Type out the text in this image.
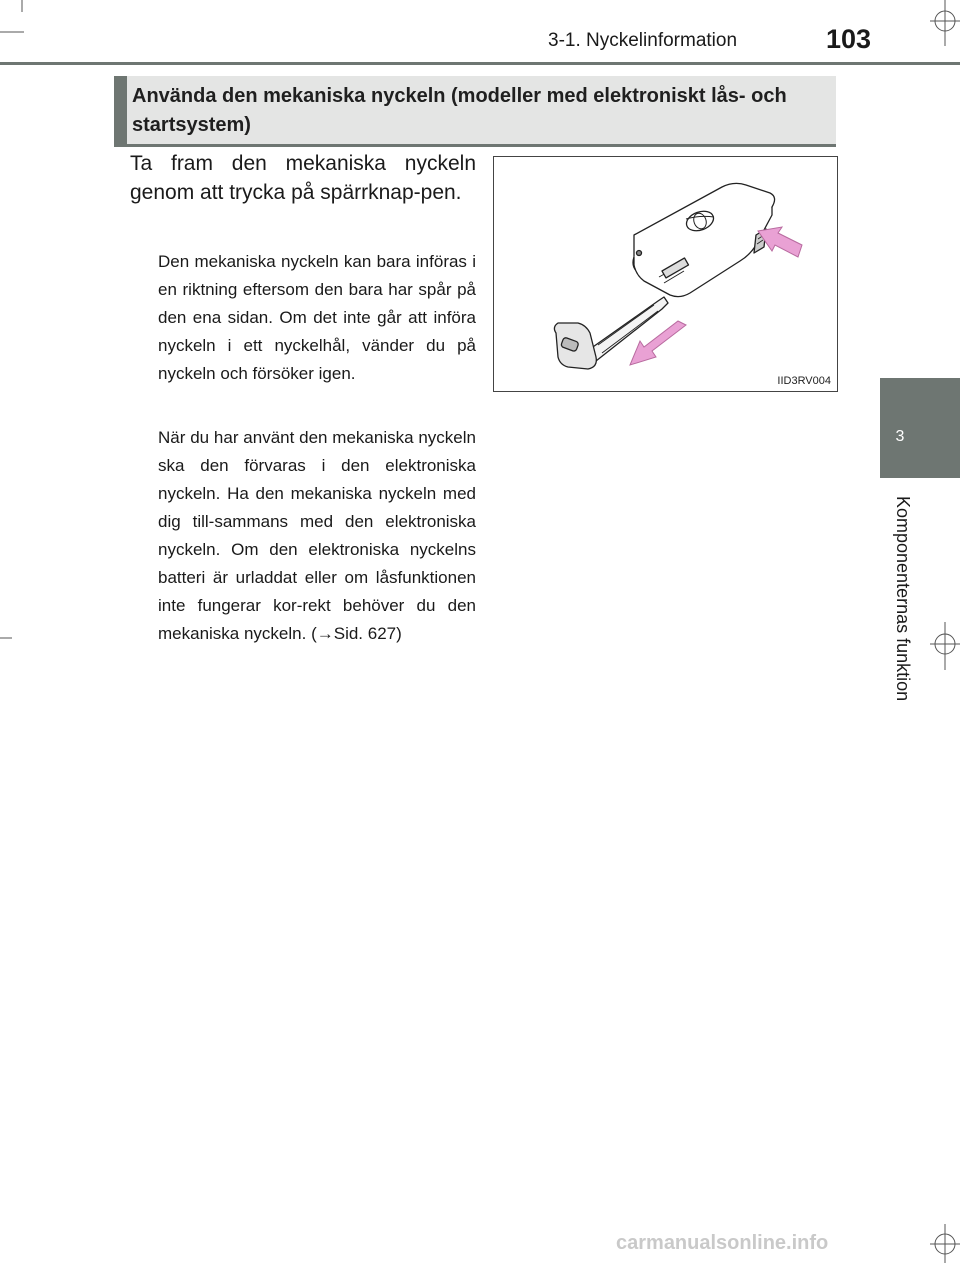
3-1. Nyckelinformation	103
3
Komponenternas funktion
Använda den mekaniska nyckeln (modeller med elektroniskt lås- och startsystem)
Ta fram den mekaniska nyckeln genom att trycka på spärrknap-pen.
Den mekaniska nyckeln kan bara införas i en riktning eftersom den bara har spår på den ena sidan. Om det inte går att införa nyckeln i ett nyckelhål, vänder du på nyckeln och försöker igen.
När du har använt den mekaniska nyckeln ska den förvaras i den elektroniska nyckeln. Ha den mekaniska nyckeln med dig till-sammans med den elektroniska nyckeln. Om den elektroniska nyckelns batteri är urladdat eller om låsfunktionen inte fungerar kor-rekt behöver du den mekaniska nyckeln. (→Sid. 627)
IID3RV004
carmanualsonline.info
